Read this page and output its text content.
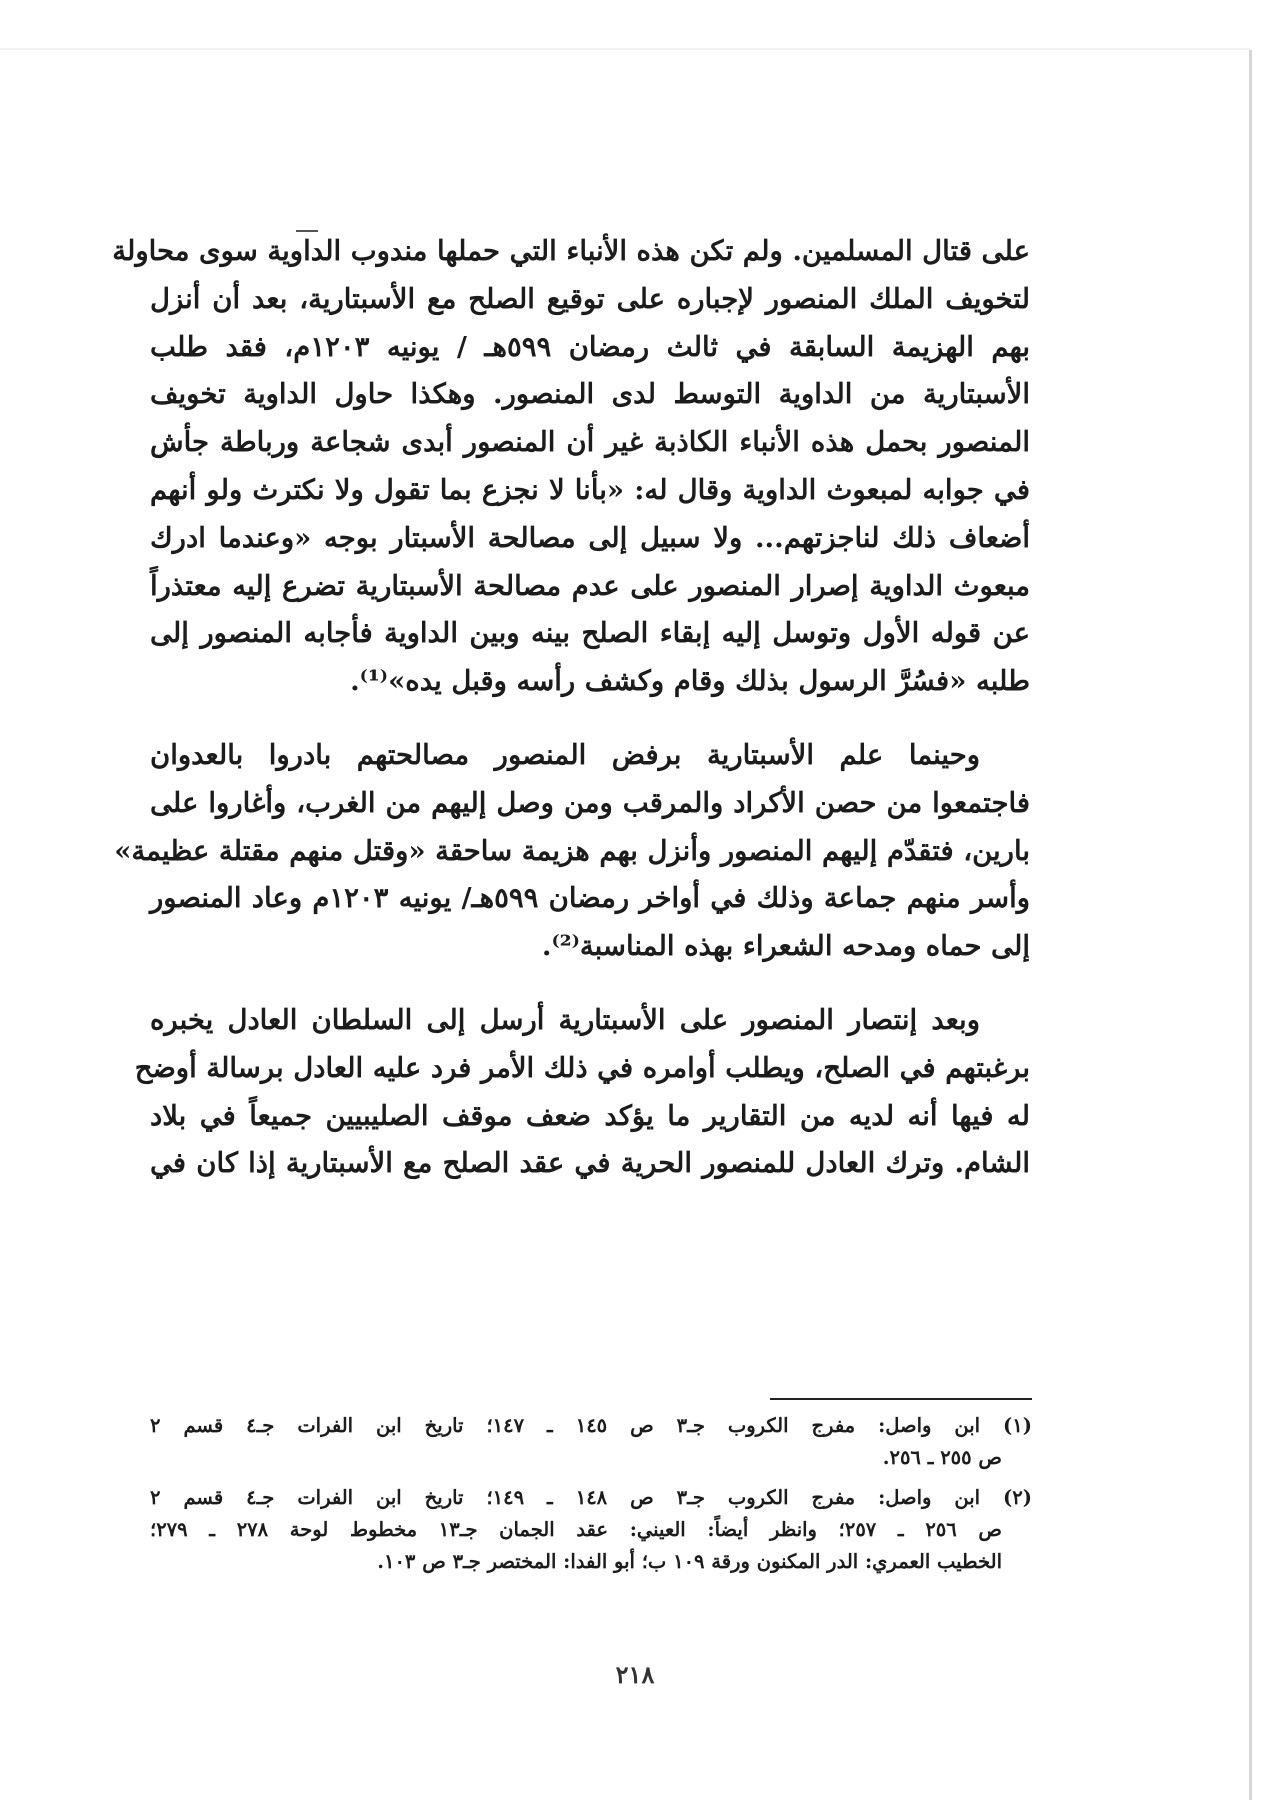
على قتال المسلمين. ولم تكن هذه الأنباء التي حملها مندوب الداوية سوى محاولة
لتخويف الملك المنصور لإجباره على توقيع الصلح مع الأسبتارية، بعد أن أنزل
بهم الهزيمة السابقة في ثالث رمضان ٥٩٩هـ / يونيه ١٢٠٣م، فقد طلب
الأسبتارية من الداوية التوسط لدى المنصور. وهكذا حاول الداوية تخويف
المنصور بحمل هذه الأنباء الكاذبة غير أن المنصور أبدى شجاعة ورباطة جأش
في جوابه لمبعوث الداوية وقال له: «بأنا لا نجزع بما تقول ولا نكترث ولو أنهم
أضعاف ذلك لناجزتهم... ولا سبيل إلى مصالحة الأسبتار بوجه «وعندما ادرك
مبعوث الداوية إصرار المنصور على عدم مصالحة الأسبتارية تضرع إليه معتذراً
عن قوله الأول وتوسل إليه إبقاء الصلح بينه وبين الداوية فأجابه المنصور إلى
طلبه «فسُرَّ الرسول بذلك وقام وكشف رأسه وقبل يده»⁽¹⁾.

وحينما علم الأسبتارية برفض المنصور مصالحتهم بادروا بالعدوان
فاجتمعوا من حصن الأكراد والمرقب ومن وصل إليهم من الغرب، وأغاروا على
بارين، فتقدّم إليهم المنصور وأنزل بهم هزيمة ساحقة «وقتل منهم مقتلة عظيمة»
وأسر منهم جماعة وذلك في أواخر رمضان ٥٩٩هـ/ يونيه ١٢٠٣م وعاد المنصور
إلى حماه ومدحه الشعراء بهذه المناسبة⁽²⁾.

وبعد إنتصار المنصور على الأسبتارية أرسل إلى السلطان العادل يخبره
برغبتهم في الصلح، ويطلب أوامره في ذلك الأمر فرد عليه العادل برسالة أوضح
له فيها أنه لديه من التقارير ما يؤكد ضعف موقف الصليبيين جميعاً في بلاد
الشام. وترك العادل للمنصور الحرية في عقد الصلح مع الأسبتارية إذا كان في

(١) ابن واصل: مفرج الكروب جـ٣ ص ١٤٥ ـ ١٤٧؛ تاريخ ابن الفرات جـ٤ قسم ٢
ص ٢٥٥ ـ ٢٥٦.

(٢) ابن واصل: مفرج الكروب جـ٣ ص ١٤٨ ـ ١٤٩؛ تاريخ ابن الفرات جـ٤ قسم ٢
ص ٢٥٦ ـ ٢٥٧؛ وانظر أيضاً: العيني: عقد الجمان جـ١٣ مخطوط لوحة ٢٧٨ ـ ٢٧٩؛
الخطيب العمري: الدر المكنون ورقة ١٠٩ ب؛ أبو الفدا: المختصر جـ٣ ص ١٠٣.

٢١٨
